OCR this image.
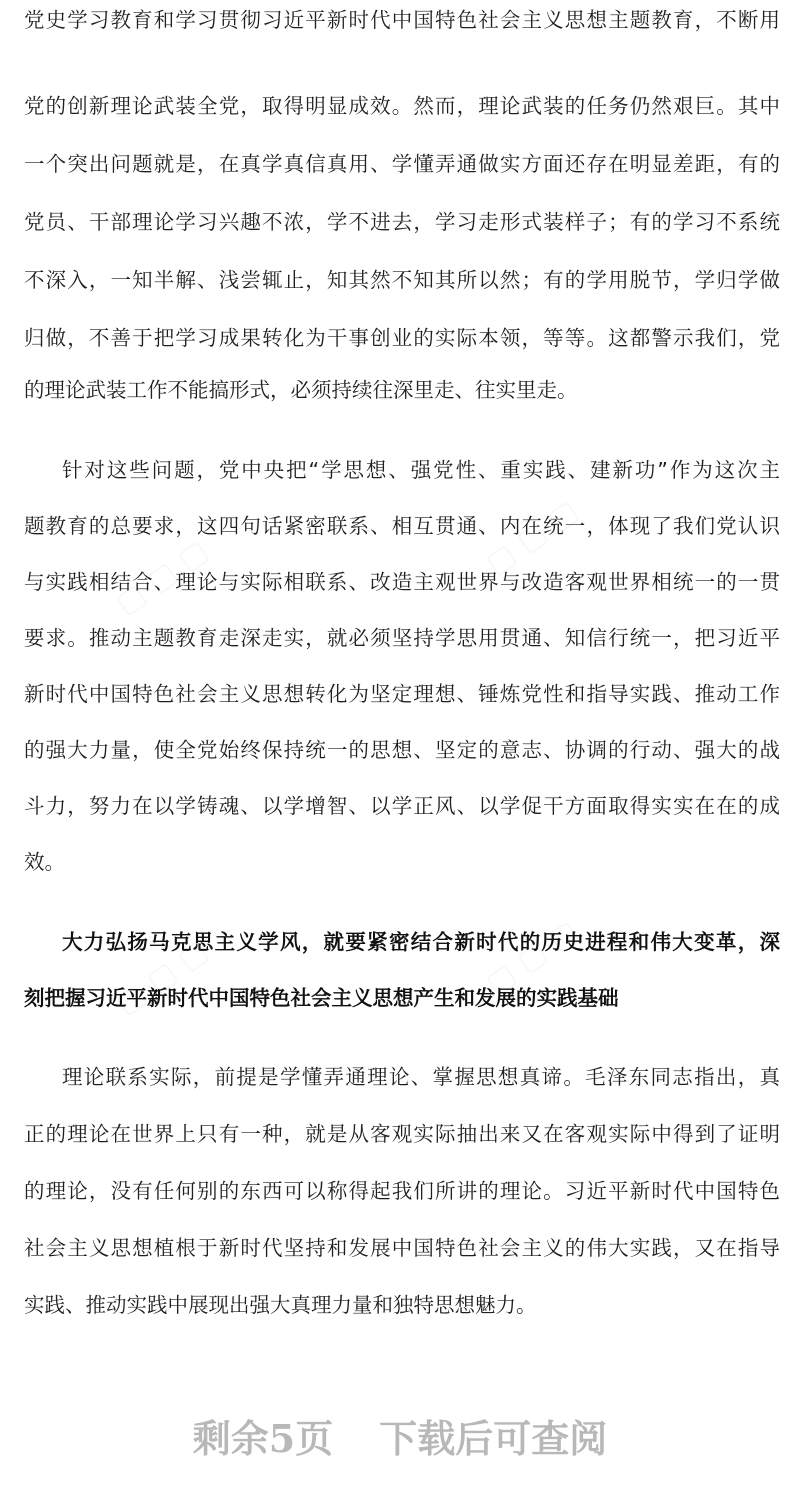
▢ ▢ ▢	▢ ▢ ▢
▢ ▢ ▢	▢ ▢ ▢
党史学习教育和学习贯彻习近平新时代中国特色社会主义思想主题教育，不断用
党的创新理论武装全党，取得明显成效。然而，理论武装的任务仍然艰巨。其中
一个突出问题就是，在真学真信真用、学懂弄通做实方面还存在明显差距，有的
党员、干部理论学习兴趣不浓，学不进去，学习走形式装样子；有的学习不系统
不深入，一知半解、浅尝辄止，知其然不知其所以然；有的学用脱节，学归学做
归做，不善于把学习成果转化为干事创业的实际本领，等等。这都警示我们，党
的理论武装工作不能搞形式，必须持续往深里走、往实里走。
针对这些问题，党中央把“学思想、强党性、重实践、建新功”作为这次主
题教育的总要求，这四句话紧密联系、相互贯通、内在统一，体现了我们党认识
与实践相结合、理论与实际相联系、改造主观世界与改造客观世界相统一的一贯
要求。推动主题教育走深走实，就必须坚持学思用贯通、知信行统一，把习近平
新时代中国特色社会主义思想转化为坚定理想、锤炼党性和指导实践、推动工作
的强大力量，使全党始终保持统一的思想、坚定的意志、协调的行动、强大的战
斗力，努力在以学铸魂、以学增智、以学正风、以学促干方面取得实实在在的成
效。
大力弘扬马克思主义学风，就要紧密结合新时代的历史进程和伟大变革，深
刻把握习近平新时代中国特色社会主义思想产生和发展的实践基础
理论联系实际，前提是学懂弄通理论、掌握思想真谛。毛泽东同志指出，真
正的理论在世界上只有一种，就是从客观实际抽出来又在客观实际中得到了证明
的理论，没有任何别的东西可以称得起我们所讲的理论。习近平新时代中国特色
社会主义思想植根于新时代坚持和发展中国特色社会主义的伟大实践，又在指导
实践、推动实践中展现出强大真理力量和独特思想魅力。
剩余5页 下载后可查阅
